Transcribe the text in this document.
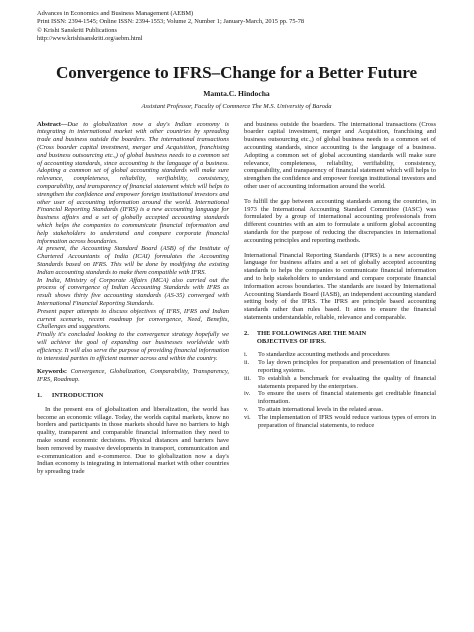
Advances in Economics and Business Management (AEBM)
Print ISSN: 2394-1545; Online ISSN: 2394-1553; Volume 2, Number 1; January-March, 2015 pp. 75-78
© Krishi Sanskriti Publications
http://www.krishisanskriti.org/aebm.html
Convergence to IFRS–Change for a Better Future
Mamta.C. Hindocha
Assistant Professor, Faculty of Commerce The M.S. University of Baroda

Abstract—Due to globalization now a day's Indian economy is integrating in international market with other countries by spreading trade and business outside the boarders. The international transactions (Cross boarder capital investment, merger and Acquisition, franchising and business outsourcing etc.,) of global business needs to a common set of accounting standards, since accounting is the language of a business. Adopting a common set of global accounting standards will make sure relevance, completeness, reliability, verifiability, consistency, comparability, and transparency of financial statement which will helps to strengthen the confidence and empower foreign institutional investors and other user of accounting information around the world. International Financial Reporting Standards (IFRS) is a new accounting language for business affairs and a set of globally accepted accounting standards which helps the companies to communicate financial information and help stakeholders to understand and compare corporate financial information across boundaries.

At present, the Accounting Standard Board (ASB) of the Institute of Chartered Accountants of India (ICAI) formulates the Accounting Standards based on IFRS. This will be done by modifying the existing Indian accounting standards to make them compatible with IFRS.

In India, Ministry of Corporate Affairs (MCA) also carried out the process of convergence of Indian Accounting Standards with IFRS as result shows thirty five accounting standards (AS-35) converged with International Financial Reporting Standards.

Present paper attempts to discuss objectives of IFRS, IFRS and Indian current scenario, recent roadmap for convergence, Need, Benefits, Challenges and suggestions.

Finally it's concluded looking to the convergence strategy hopefully we will achieve the goal of expanding our businesses worldwide with efficiency. It will also serve the purpose of providing financial information to interested parties in efficient manner across and within the country.

Keywords: Convergence, Globalization, Comparability, Transparency, IFRS, Roadmap.
1. INTRODUCTION

In the present era of globalization and liberalization, the world has become an economic village. Today, the worlds capital markets, know no borders and participants in those markets should have no barriers to high quality, transparent and comparable financial information they need to make sound economic decisions. Physical distances and barriers have been removed by massive developments in transport, communication and e-communication and e-commerce. Due to globalization now a day's Indian economy is integrating in international market with other countries by spreading trade

and business outside the boarders. The international transactions (Cross boarder capital investment, merger and Acquisition, franchising and business outsourcing etc.,) of global business needs to a common set of accounting standards, since accounting is the language of a business. Adopting a common set of global accounting standards will make sure relevance, completeness, reliability, verifiability, consistency, comparability, and transparency of financial statement which will helps to strengthen the confidence and empower foreign institutional investors and other user of accounting information around the world.

To fulfill the gap between accounting standards among the countries, in 1973 the International Accounting Standard Committee (IASC) was formulated by a group of international accounting professionals from different countries with an aim to formulate a uniform global accounting standards for the purpose of reducing the discrepancies in international accounting principles and reporting methods.

International Financial Reporting Standards (IFRS) is a new accounting language for business affairs and a set of globally accepted accounting standards to helps the companies to communicate financial information and to help stakeholders to understand and compare corporate financial information across boundaries. The standards are issued by International Accounting Standards Board (IASB), an independent accounting standard setting body of the IFRS. The IFRS are principle based accounting standards rather than rules based. It aims to ensure the financial statements understandable, reliable, relevance and comparable.

2. THE FOLLOWINGS ARE THE MAIN
OBJECTIVES OF IFRS.
i.	To standardize accounting methods and procedures
ii.	To lay down principles for preparation and presentation of financial reporting systems.
iii.	To establish a benchmark for evaluating the quality of financial statements prepared by the enterprises.
iv.	To ensure the users of financial statements get creditable financial information.
v.	To attain international levels in the related areas.
vi.	The implementation of IFRS would reduce various types of errors in preparation of financial statements, to reduce
